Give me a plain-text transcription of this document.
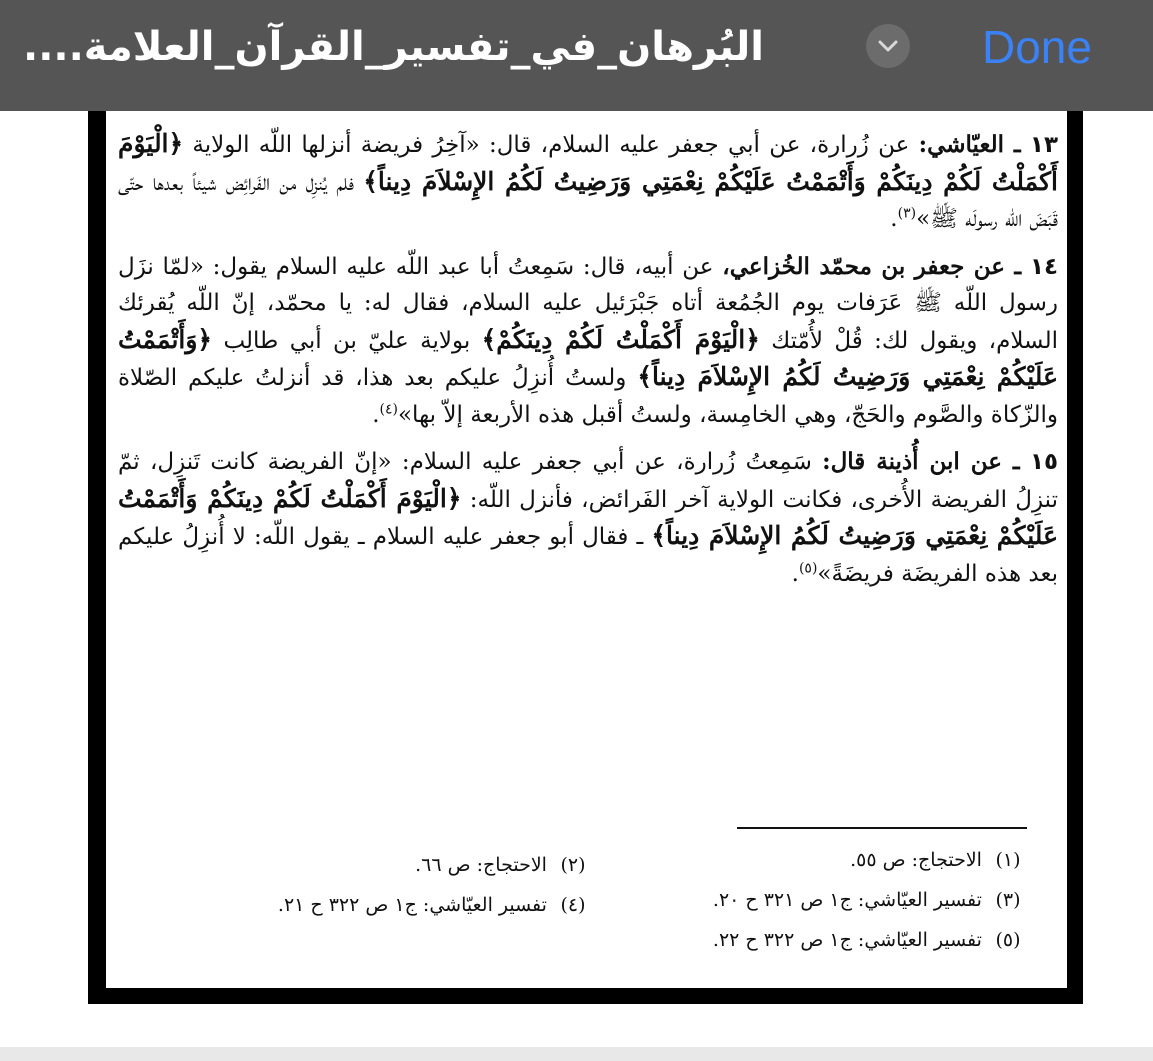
Done
البُرهان_في_تفسير_القرآن_العلامة....

١٣ ـ العيّاشي: عن زُرارة، عن أبي جعفر عليه السلام، قال: «آخِرُ فريضة أنزلها اللّه الولاية ﴿الْيَوْمَ أَكْمَلْتُ لَكُمْ دِينَكُمْ وَأَتْمَمْتُ عَلَيْكُمْ نِعْمَتِي وَرَضِيتُ لَكُمُ الإِسْلاَمَ دِيناً﴾ فلم يُنزِل من الفَرائِض شيئاً بعدها حتّى قَبَضَ اللّه رسولَه ﷺ»$^{(٣)}$.

١٤ ـ عن جعفر بن محمّد الخُزاعي، عن أبيه، قال: سَمِعتُ أبا عبد اللّه عليه السلام يقول: «لمّا نزَل رسول اللّه ﷺ عَرَفات يوم الجُمُعة أتاه جَبْرَئيل عليه السلام، فقال له: يا محمّد، إنّ اللّه يُقرئك السلام، ويقول لك: قُلْ لأُمّتك ﴿الْيَوْمَ أَكْمَلْتُ لَكُمْ دِينَكُمْ﴾ بولاية عليّ بن أبي طالِب ﴿وَأَتْمَمْتُ عَلَيْكُمْ نِعْمَتِي وَرَضِيتُ لَكُمُ الإِسْلاَمَ دِيناً﴾ ولستُ أُنزِلُ عليكم بعد هذا، قد أنزلتُ عليكم الصّلاة والزّكاة والصَّوم والحَجّ، وهي الخامِسة، ولستُ أقبل هذه الأربعة إلاّ بها»$^{(٤)}$.

١٥ ـ عن ابن أُذينة قال: سَمِعتُ زُرارة، عن أبي جعفر عليه السلام: «إنّ الفريضة كانت تَنزِل، ثمّ تنزِلُ الفريضة الأُخرى، فكانت الولاية آخر الفَرائض، فأنزل اللّه: ﴿الْيَوْمَ أَكْمَلْتُ لَكُمْ دِينَكُمْ وَأَتْمَمْتُ عَلَيْكُمْ نِعْمَتِي وَرَضِيتُ لَكُمُ الإِسْلاَمَ دِيناً﴾ ـ فقال أبو جعفر عليه السلام ـ يقول اللّه: لا أُنزِلُ عليكم بعد هذه الفريضَة فريضَةً»$^{(٥)}$.

(١) الاحتجاج: ص ٥٥.
(٢) الاحتجاج: ص ٦٦.
(٣) تفسير العيّاشي: ج١ ص ٣٢١ ح ٢٠.
(٤) تفسير العيّاشي: ج١ ص ٣٢٢ ح ٢١.
(٥) تفسير العيّاشي: ج١ ص ٣٢٢ ح ٢٢.
